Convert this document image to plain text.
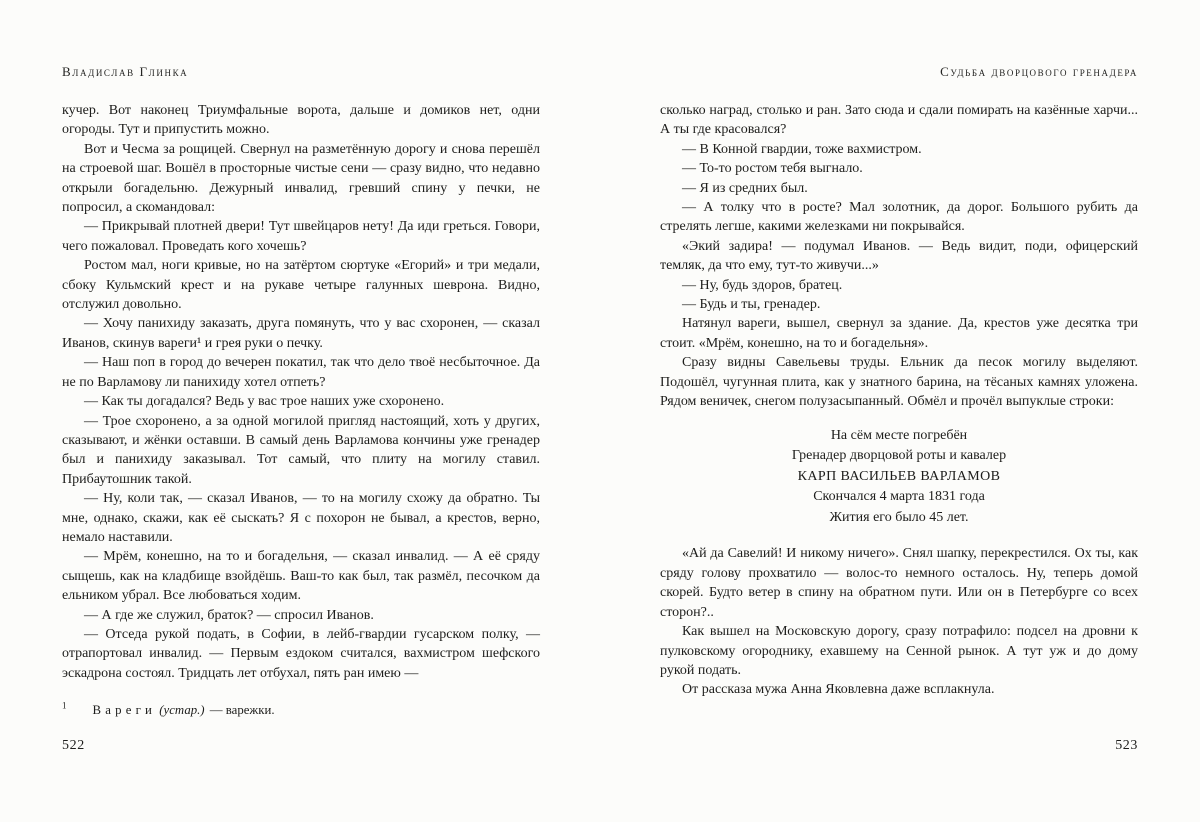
Владислав Глинка

кучер. Вот наконец Триумфальные ворота, дальше и домиков нет, одни огороды. Тут и припустить можно.

Вот и Чесма за рощицей. Свернул на разметённую дорогу и снова перешёл на строевой шаг. Вошёл в просторные чистые сени — сразу видно, что недавно открыли богадельню. Дежурный инвалид, гревший спину у печки, не попросил, а скомандовал:

— Прикрывай плотней двери! Тут швейцаров нету! Да иди греться. Говори, чего пожаловал. Проведать кого хочешь?

Ростом мал, ноги кривые, но на затёртом сюртуке «Егорий» и три медали, сбоку Кульмский крест и на рукаве четыре галунных шеврона. Видно, отслужил довольно.

— Хочу панихиду заказать, друга помянуть, что у вас схоронен, — сказал Иванов, скинув вареги¹ и грея руки о печку.

— Наш поп в город до вечерен покатил, так что дело твоё несбыточное. Да не по Варламову ли панихиду хотел отпеть?

— Как ты догадался? Ведь у вас трое наших уже схоронено.

— Трое схоронено, а за одной могилой пригляд настоящий, хоть у других, сказывают, и жёнки оставши. В самый день Варламова кончины уже гренадер был и панихиду заказывал. Тот самый, что плиту на могилу ставил. Прибаутошник такой.

— Ну, коли так, — сказал Иванов, — то на могилу схожу да обратно. Ты мне, однако, скажи, как её сыскать? Я с похорон не бывал, а крестов, верно, немало наставили.

— Мрём, конешно, на то и богадельня, — сказал инвалид. — А её сряду сыщешь, как на кладбище взойдёшь. Ваш-то как был, так размёл, песочком да ельником убрал. Все любоваться ходим.

— А где же служил, браток? — спросил Иванов.

— Отседа рукой подать, в Софии, в лейб-гвардии гусарском полку, — отрапортовал инвалид. — Первым ездоком считался, вахмистром шефского эскадрона состоял. Тридцать лет отбухал, пять ран имею —

$^1$ Вареги (устар.) — варежки.
522
Судьба дворцового гренадера

сколько наград, столько и ран. Зато сюда и сдали помирать на казённые харчи... А ты где красовался?

— В Конной гвардии, тоже вахмистром.

— То-то ростом тебя выгнало.

— Я из средних был.

— А толку что в росте? Мал золотник, да дорог. Большого рубить да стрелять легше, какими железками ни покрывайся.

«Экий задира! — подумал Иванов. — Ведь видит, поди, офицерский темляк, да что ему, тут-то живучи...»

— Ну, будь здоров, братец.

— Будь и ты, гренадер.

Натянул вареги, вышел, свернул за здание. Да, крестов уже десятка три стоит. «Мрём, конешно, на то и богадельня».

Сразу видны Савельевы труды. Ельник да песок могилу выделяют. Подошёл, чугунная плита, как у знатного барина, на тёсаных камнях уложена. Рядом веничек, снегом полузасыпанный. Обмёл и прочёл выпуклые строки:

На сём месте погребён
Гренадер дворцовой роты и кавалер
КАРП ВАСИЛЬЕВ ВАРЛАМОВ
Скончался 4 марта 1831 года
Жития его было 45 лет.

«Ай да Савелий! И никому ничего». Снял шапку, перекрестился. Ох ты, как сряду голову прохватило — волос-то немного осталось. Ну, теперь домой скорей. Будто ветер в спину на обратном пути. Или он в Петербурге со всех сторон?..

Как вышел на Московскую дорогу, сразу потрафило: подсел на дровни к пулковскому огороднику, ехавшему на Сенной рынок. А тут уж и до дому рукой подать.

От рассказа мужа Анна Яковлевна даже всплакнула.

523
